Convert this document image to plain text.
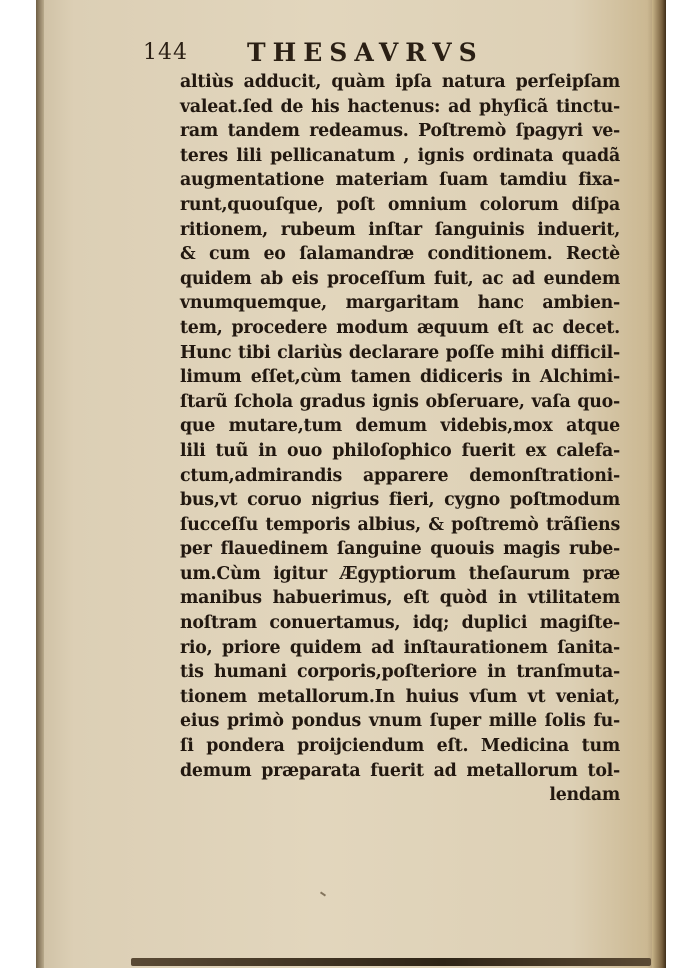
144 THESAVRVS
altiùs adducit, quàm ipſa natura perſeipſam
valeat.ſed de his hactenus: ad phyſicã tinctu-
ram tandem redeamus. Poſtremò ſpagyri ve-
teres lili pellicanatum , ignis ordinata quadã
augmentatione materiam ſuam tamdiu fixa-
runt,quouſque, poſt omnium colorum diſpa
ritionem, rubeum inſtar ſanguinis induerit,
& cum eo ſalamandræ conditionem. Rectè
quidem ab eis proceſſum fuit, ac ad eundem
vnumquemque, margaritam hanc ambien-
tem, procedere modum æquum eſt ac decet.
Hunc tibi clariùs declarare poſſe mihi difficil-
limum eſſet,cùm tamen didiceris in Alchimi-
ſtarũ ſchola gradus ignis obſeruare, vaſa quo-
que mutare,tum demum videbis,mox atque
lili tuũ in ouo philoſophico fuerit ex calefa-
ctum,admirandis apparere demonſtrationi-
bus,vt coruo nigrius fieri, cygno poſtmodum
ſucceſſu temporis albius, & poſtremò trãſiens
per flauedinem ſanguine quouis magis rube-
um.Cùm igitur Ægyptiorum theſaurum præ
manibus habuerimus, eſt quòd in vtilitatem
noſtram conuertamus, idq; duplici magiſte-
rio, priore quidem ad inſtaurationem ſanita-
tis humani corporis,poſteriore in tranſmuta-
tionem metallorum.In huius vſum vt veniat,
eius primò pondus vnum ſuper mille ſolis fu-
ſi pondera proijciendum eſt. Medicina tum
demum præparata fuerit ad metallorum tol-
lendam
